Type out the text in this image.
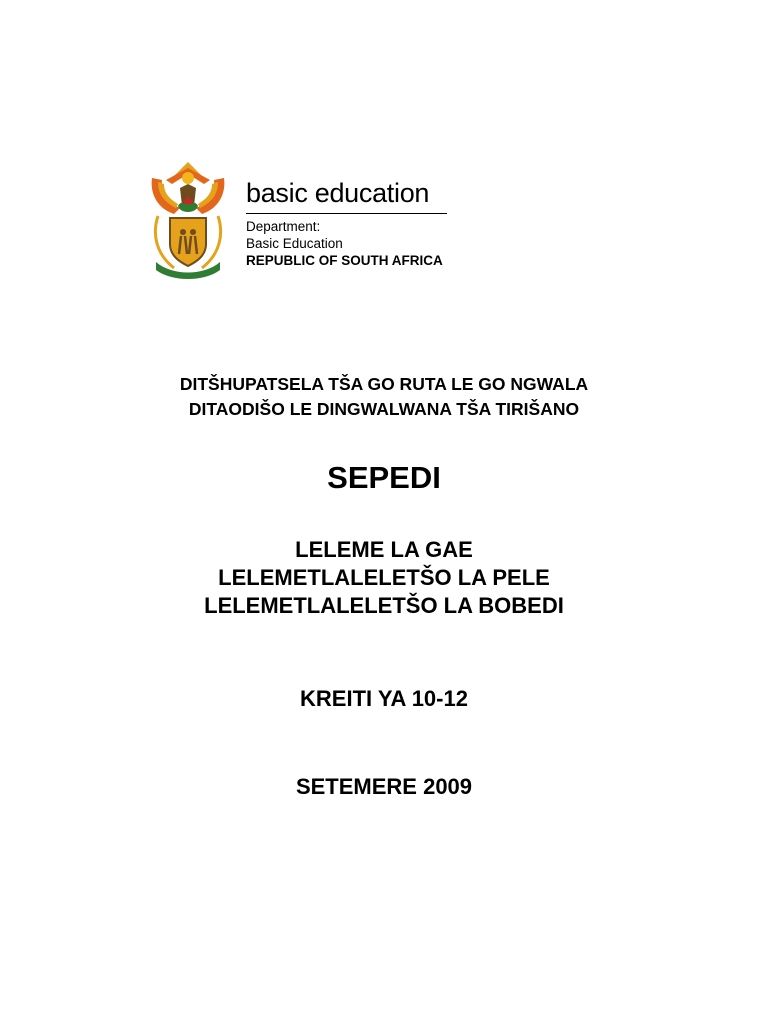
basic education
Department:
Basic Education
REPUBLIC OF SOUTH AFRICA
DITŠHUPATSELA TŠA GO RUTA LE GO NGWALA
DITAODIŠO LE DINGWALWANA TŠA TIRIŠANO
SEPEDI
LELEME LA GAE
LELEMETLALELETŠO LA PELE
LELEMETLALELETŠO LA BOBEDI
KREITI YA 10-12
SETEMERE 2009
